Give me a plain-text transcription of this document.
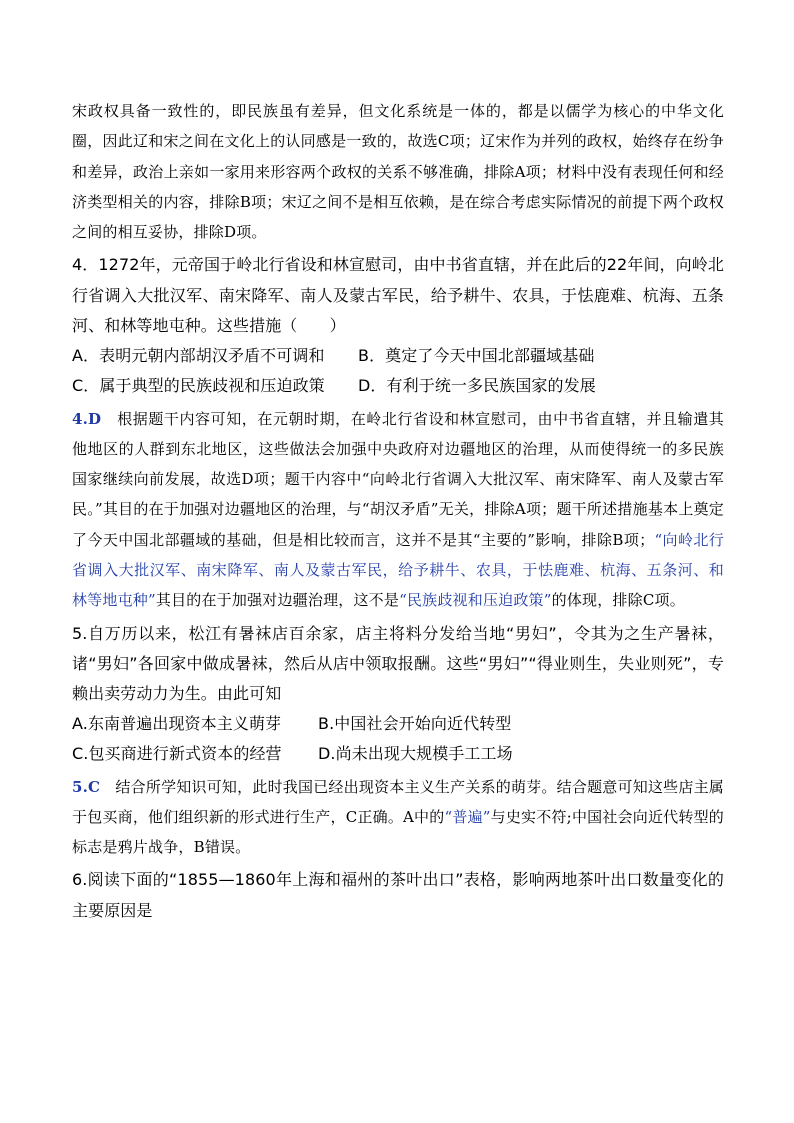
宋政权具备一致性的，即民族虽有差异，但文化系统是一体的，都是以儒学为核心的中华文化圈，因此辽和宋之间在文化上的认同感是一致的，故选C项；辽宋作为并列的政权，始终存在纷争和差异，政治上亲如一家用来形容两个政权的关系不够准确，排除A项；材料中没有表现任何和经济类型相关的内容，排除B项；宋辽之间不是相互依赖，是在综合考虑实际情况的前提下两个政权之间的相互妥协，排除D项。

4．1272年，元帝国于岭北行省设和林宣慰司，由中书省直辖，并在此后的22年间，向岭北行省调入大批汉军、南宋降军、南人及蒙古军民，给予耕牛、农具，于怯鹿难、杭海、五条河、和林等地屯种。这些措施（　　）

A．表明元朝内部胡汉矛盾不可调和	B．奠定了今天中国北部疆域基础
C．属于典型的民族歧视和压迫政策	D．有利于统一多民族国家的发展

4.D　根据题干内容可知，在元朝时期，在岭北行省设和林宣慰司，由中书省直辖，并且输遣其他地区的人群到东北地区，这些做法会加强中央政府对边疆地区的治理，从而使得统一的多民族国家继续向前发展，故选D项；题干内容中“向岭北行省调入大批汉军、南宋降军、南人及蒙古军民。”其目的在于加强对边疆地区的治理，与“胡汉矛盾”无关，排除A项；题干所述措施基本上奠定了今天中国北部疆域的基础，但是相比较而言，这并不是其“主要的”影响，排除B项；“向岭北行省调入大批汉军、南宋降军、南人及蒙古军民，给予耕牛、农具，于怯鹿难、杭海、五条河、和林等地屯种”其目的在于加强对边疆治理，这不是“民族歧视和压迫政策”的体现，排除C项。

5.自万历以来，松江有暑袜店百余家，店主将料分发给当地“男妇”，令其为之生产暑袜，诸“男妇”各回家中做成暑袜，然后从店中领取报酬。这些“男妇”“得业则生，失业则死”，专赖出卖劳动力为生。由此可知

A.东南普遍出现资本主义萌芽	B.中国社会开始向近代转型
C.包买商进行新式资本的经营	D.尚未出现大规模手工工场

5.C　结合所学知识可知，此时我国已经出现资本主义生产关系的萌芽。结合题意可知这些店主属于包买商，他们组织新的形式进行生产，C正确。A中的“普遍”与史实不符;中国社会向近代转型的标志是鸦片战争，B错误。

6.阅读下面的“1855—1860年上海和福州的茶叶出口”表格，影响两地茶叶出口数量变化的主要原因是
